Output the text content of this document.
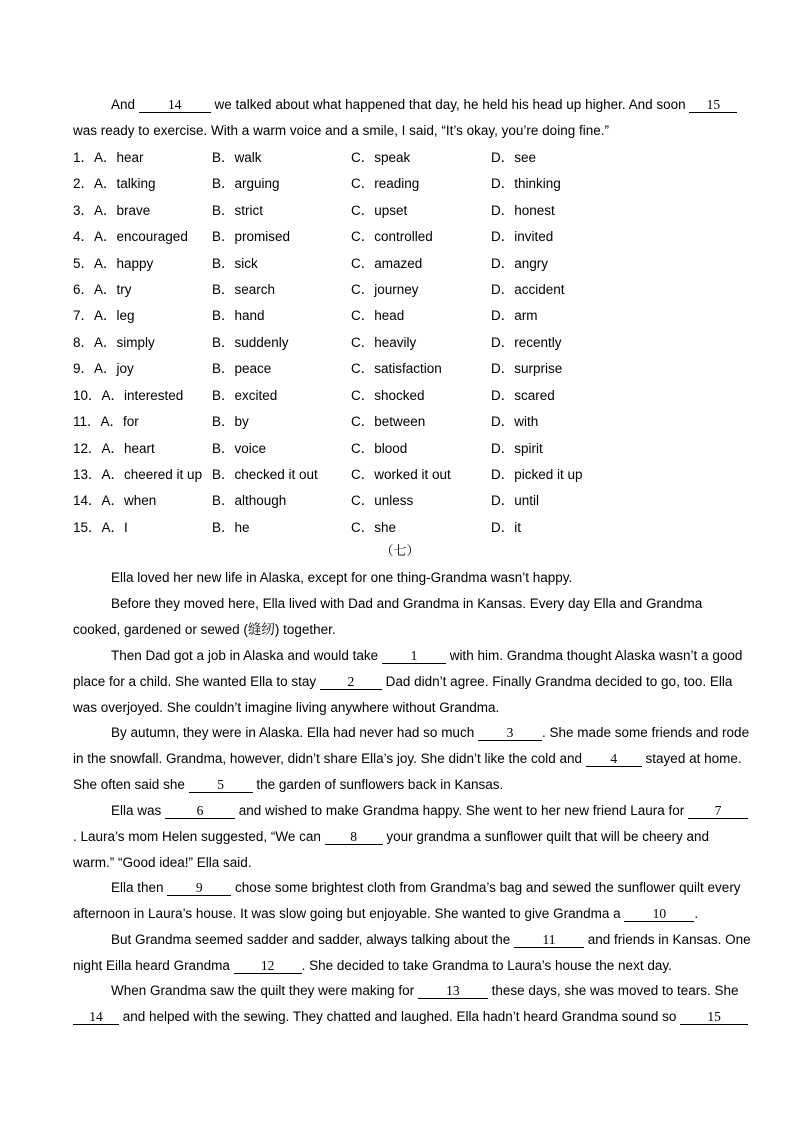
And 14 we talked about what happened that day, he held his head up higher. And soon 15
was ready to exercise. With a warm voice and a smile, I said, “It’s okay, you’re doing fine.”

1．A．hear	B．walk	C．speak	D．see
2．A．talking	B．arguing	C．reading	D．thinking
3．A．brave	B．strict	C．upset	D．honest
4．A．encouraged B．promised	C．controlled	D．invited
5．A．happy	B．sick	C．amazed	D．angry
6．A．try	B．search	C．journey	D．accident
7．A．leg	B．hand	C．head	D．arm
8．A．simply	B．suddenly	C．heavily	D．recently
9．A．joy	B．peace	C．satisfaction	D．surprise
10．A．interested B．excited	C．shocked	D．scared
11．A．for	B．by	C．between	D．with
12．A．heart	B．voice	C．blood	D．spirit
13．A．cheered it up B．checked it out C．worked it out	D．picked it up
14．A．when	B．although	C．unless	D．until
15．A．I	B．he	C．she	D．it
（七）

Ella loved her new life in Alaska, except for one thing-Grandma wasn’t happy.

Before they moved here, Ella lived with Dad and Grandma in Kansas. Every day Ella and Grandma cooked, gardened or sewed (缝纫) together.

Then Dad got a job in Alaska and would take 1 with him. Grandma thought Alaska wasn’t a good place for a child. She wanted Ella to stay 2 Dad didn’t agree. Finally Grandma decided to go, too. Ella was overjoyed. She couldn’t imagine living anywhere without Grandma.

By autumn, they were in Alaska. Ella had never had so much 3 . She made some friends and rode in the snowfall. Grandma, however, didn’t share Ella’s joy. She didn’t like the cold and 4 stayed at home. She often said she 5 the garden of sunflowers back in Kansas.

Ella was 6 and wished to make Grandma happy. She went to her new friend Laura for 7 . Laura’s mom Helen suggested, “We can 8 your grandma a sunflower quilt that will be cheery and warm.” “Good idea!” Ella said.

Ella then 9 chose some brightest cloth from Grandma’s bag and sewed the sunflower quilt every afternoon in Laura’s house. It was slow going but enjoyable. She wanted to give Grandma a 10 .

But Grandma seemed sadder and sadder, always talking about the 11 and friends in Kansas. One night Eilla heard Grandma 12 . She decided to take Grandma to Laura’s house the next day.

When Grandma saw the quilt they were making for 13 these days, she was moved to tears. She 14 and helped with the sewing. They chatted and laughed. Ella hadn’t heard Grandma sound so 15
